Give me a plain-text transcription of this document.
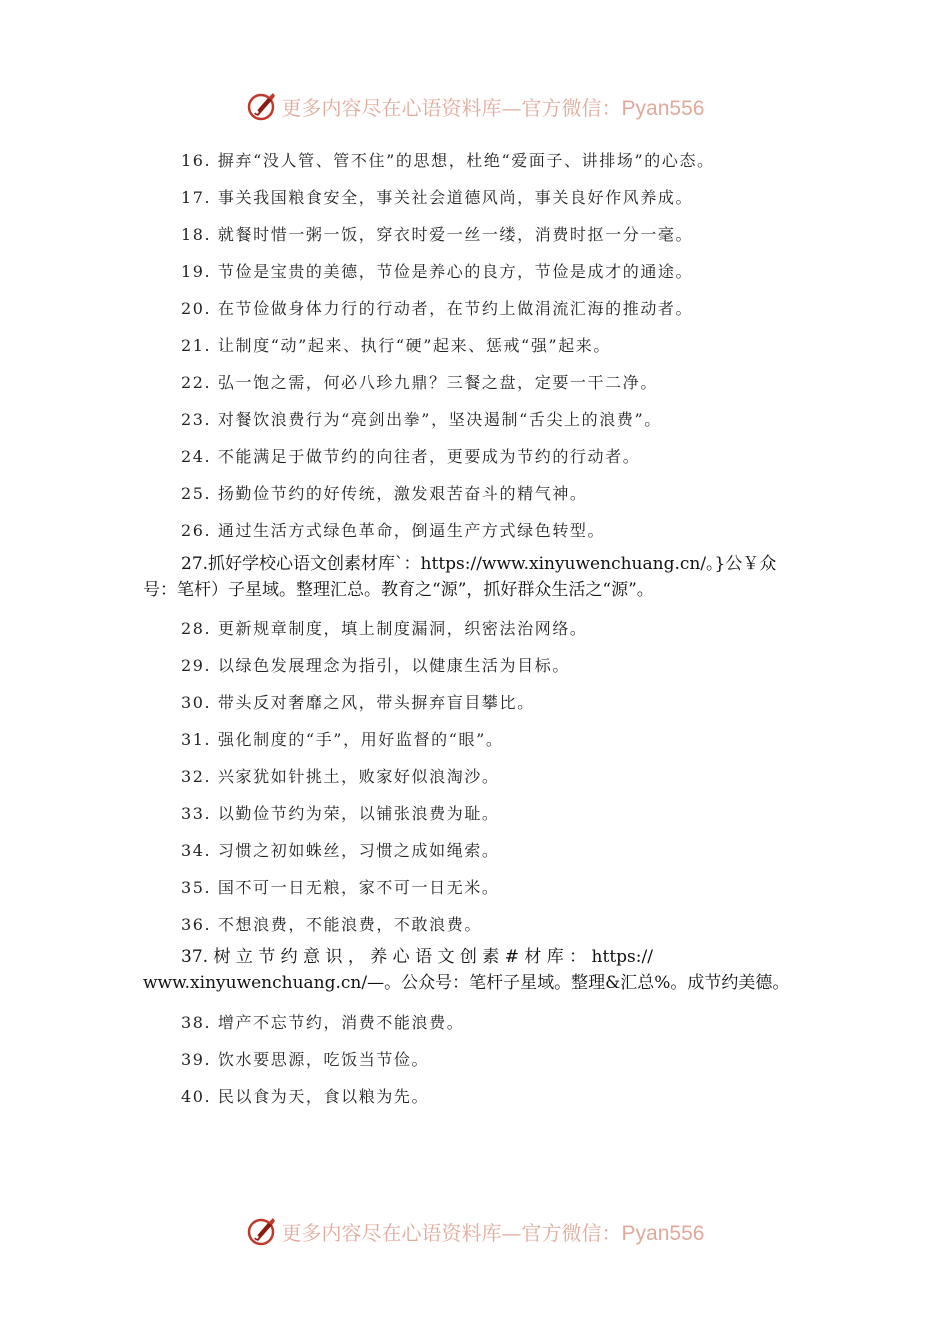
更多内容尽在心语资料库—官方微信：Pyan556
16. 摒弃“没人管、管不住”的思想，杜绝“爱面子、讲排场”的心态。
17. 事关我国粮食安全，事关社会道德风尚，事关良好作风养成。
18. 就餐时惜一粥一饭，穿衣时爱一丝一缕，消费时抠一分一毫。
19. 节俭是宝贵的美德，节俭是养心的良方，节俭是成才的通途。
20. 在节俭做身体力行的行动者，在节约上做涓流汇海的推动者。
21. 让制度“动”起来、执行“硬”起来、惩戒“强”起来。
22. 弘一饱之需，何必八珍九鼎？三餐之盘，定要一干二净。
23. 对餐饮浪费行为“亮剑出拳”，坚决遏制“舌尖上的浪费”。
24. 不能满足于做节约的向往者，更要成为节约的行动者。
25. 扬勤俭节约的好传统，激发艰苦奋斗的精气神。
26. 通过生活方式绿色革命，倒逼生产方式绿色转型。
27.抓好学校心语文创素材库`：https://www.xinyuwenchuang.cn/。}公￥众
号：笔杆）子星域。整理汇总。教育之“源”，抓好群众生活之“源”。
28. 更新规章制度，填上制度漏洞，织密法治网络。
29. 以绿色发展理念为指引，以健康生活为目标。
30. 带头反对奢靡之风，带头摒弃盲目攀比。
31. 强化制度的“手”，用好监督的“眼”。
32. 兴家犹如针挑土，败家好似浪淘沙。
33. 以勤俭节约为荣，以铺张浪费为耻。
34. 习惯之初如蛛丝，习惯之成如绳索。
35. 国不可一日无粮，家不可一日无米。
36. 不想浪费，不能浪费，不敢浪费。
37. 树 立 节 约 意 识 ， 养 心 语 文 创 素 # 材 库 ： https://
www.xinyuwenchuang.cn/—。公众号：笔杆子星域。整理&汇总%。成节约美德。
38. 增产不忘节约，消费不能浪费。
39. 饮水要思源，吃饭当节俭。
40. 民以食为天，食以粮为先。
更多内容尽在心语资料库—官方微信：Pyan556
